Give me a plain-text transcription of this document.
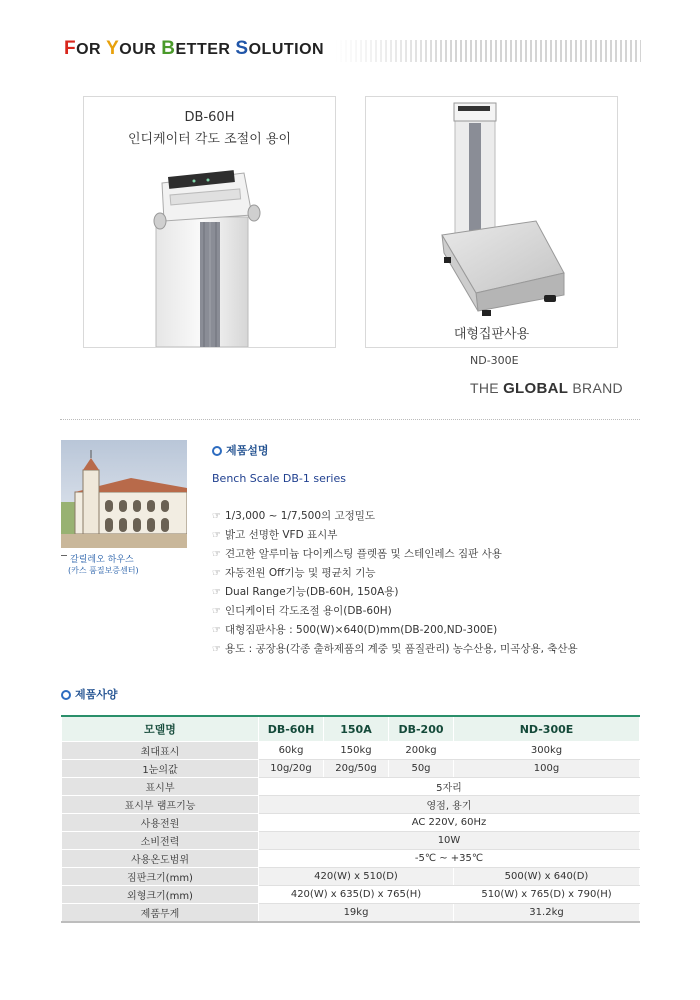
FOR YOUR BETTER SOLUTION
DB-60H
인디케이터 각도 조절이 용이
대형집판사용
ND-300E
THE GLOBAL BRAND
갈릴레오 하우스
(카스 품질보증센터)
제품설명
Bench Scale DB-1 series
☞ 1/3,000 ~ 1/7,500의 고정밀도
☞ 밝고 선명한 VFD 표시부
☞ 견고한 알루미늄 다이케스팅 플렛폼 및 스테인레스 짐판 사용
☞ 자동전원 Off기능 및 평균치 기능
☞ Dual Range기능(DB-60H, 150A용)
☞ 인디케이터 각도조절 용이(DB-60H)
☞ 대형짐판사용 : 500(W)×640(D)mm(DB-200,ND-300E)
☞ 용도 : 공장용(각종 출하제품의 계중 및 품질관리) 농수산용, 미곡상용, 축산용
제품사양
모델명	DB-60H	150A	DB-200	ND-300E
최대표시	60kg	150kg	200kg	300kg
1눈의값	10g/20g	20g/50g	50g	100g
표시부	5자리			
표시부 램프기능	영점, 용기			
사용전원	AC 220V, 60Hz			
소비전력	10W			
사용온도범위	-5℃ ~ +35℃			
짐판크기(mm)	420(W) x 510(D)			500(W) x 640(D)
외형크기(mm)	420(W) x 635(D) x 765(H)			510(W) x 765(D) x 790(H)
제품무게	19kg			31.2kg
